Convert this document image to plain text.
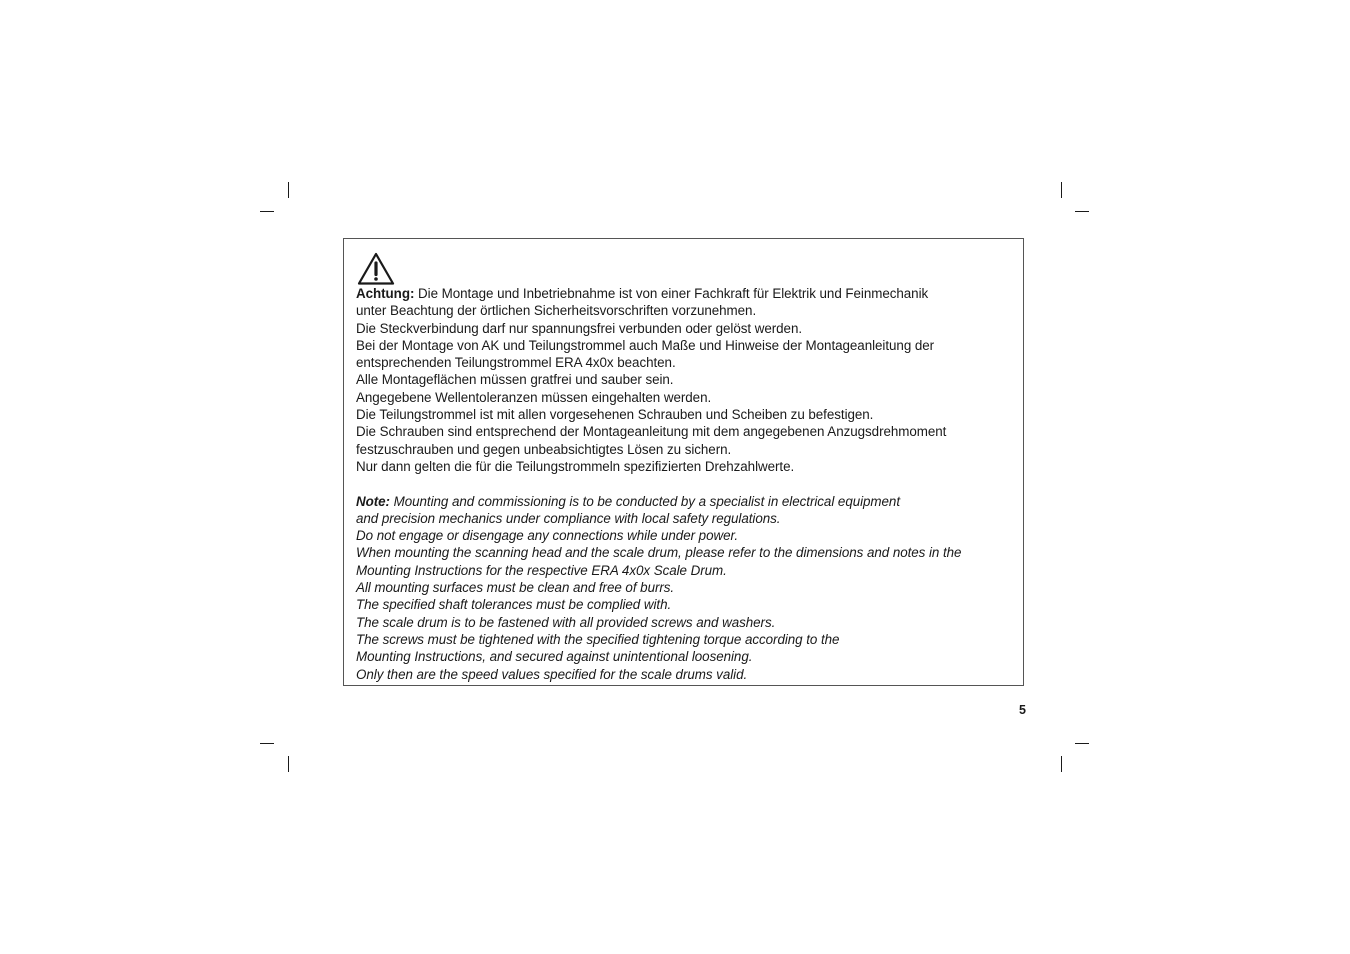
Achtung: Die Montage und Inbetriebnahme ist von einer Fachkraft für Elektrik und Feinmechanik
unter Beachtung der örtlichen Sicherheitsvorschriften vorzunehmen.
Die Steckverbindung darf nur spannungsfrei verbunden oder gelöst werden.
Bei der Montage von AK und Teilungstrommel auch Maße und Hinweise der Montageanleitung der
entsprechenden Teilungstrommel ERA 4x0x beachten.
Alle Montageflächen müssen gratfrei und sauber sein.
Angegebene Wellentoleranzen müssen eingehalten werden.
Die Teilungstrommel ist mit allen vorgesehenen Schrauben und Scheiben zu befestigen.
Die Schrauben sind entsprechend der Montageanleitung mit dem angegebenen Anzugsdrehmoment
festzuschrauben und gegen unbeabsichtigtes Lösen zu sichern.
Nur dann gelten die für die Teilungstrommeln spezifizierten Drehzahlwerte.
Note: Mounting and commissioning is to be conducted by a specialist in electrical equipment
and precision mechanics under compliance with local safety regulations.
Do not engage or disengage any connections while under power.
When mounting the scanning head and the scale drum, please refer to the dimensions and notes in the
Mounting Instructions for the respective ERA 4x0x Scale Drum.
All mounting surfaces must be clean and free of burrs.
The specified shaft tolerances must be complied with.
The scale drum is to be fastened with all provided screws and washers.
The screws must be tightened with the specified tightening torque according to the
Mounting Instructions, and secured against unintentional loosening.
Only then are the speed values specified for the scale drums valid.
5
